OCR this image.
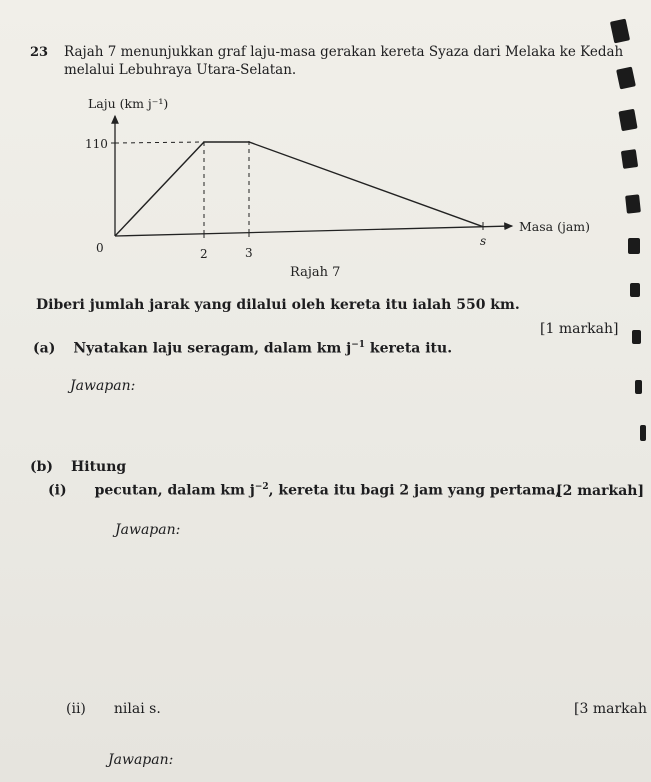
23 Rajah 7 menunjukkan graf laju-masa gerakan kereta Syaza dari Melaka ke Kedah
melalui Lebuhraya Utara-Selatan.
Laju (km j⁻¹)
110
0	2	3
s
Masa (jam)
Rajah 7
Diberi jumlah jarak yang dilalui oleh kereta itu ialah 550 km.
(a) Nyatakan laju seragam, dalam km $j^{-1}$ kereta itu.
[1 markah]
Jawapan:
(b) Hitung
(i) pecutan, dalam km $j^{-2}$, kereta itu bagi 2 jam yang pertama,
[2 markah]
Jawapan:
(ii) nilai s.	[3 markah
Jawapan:
